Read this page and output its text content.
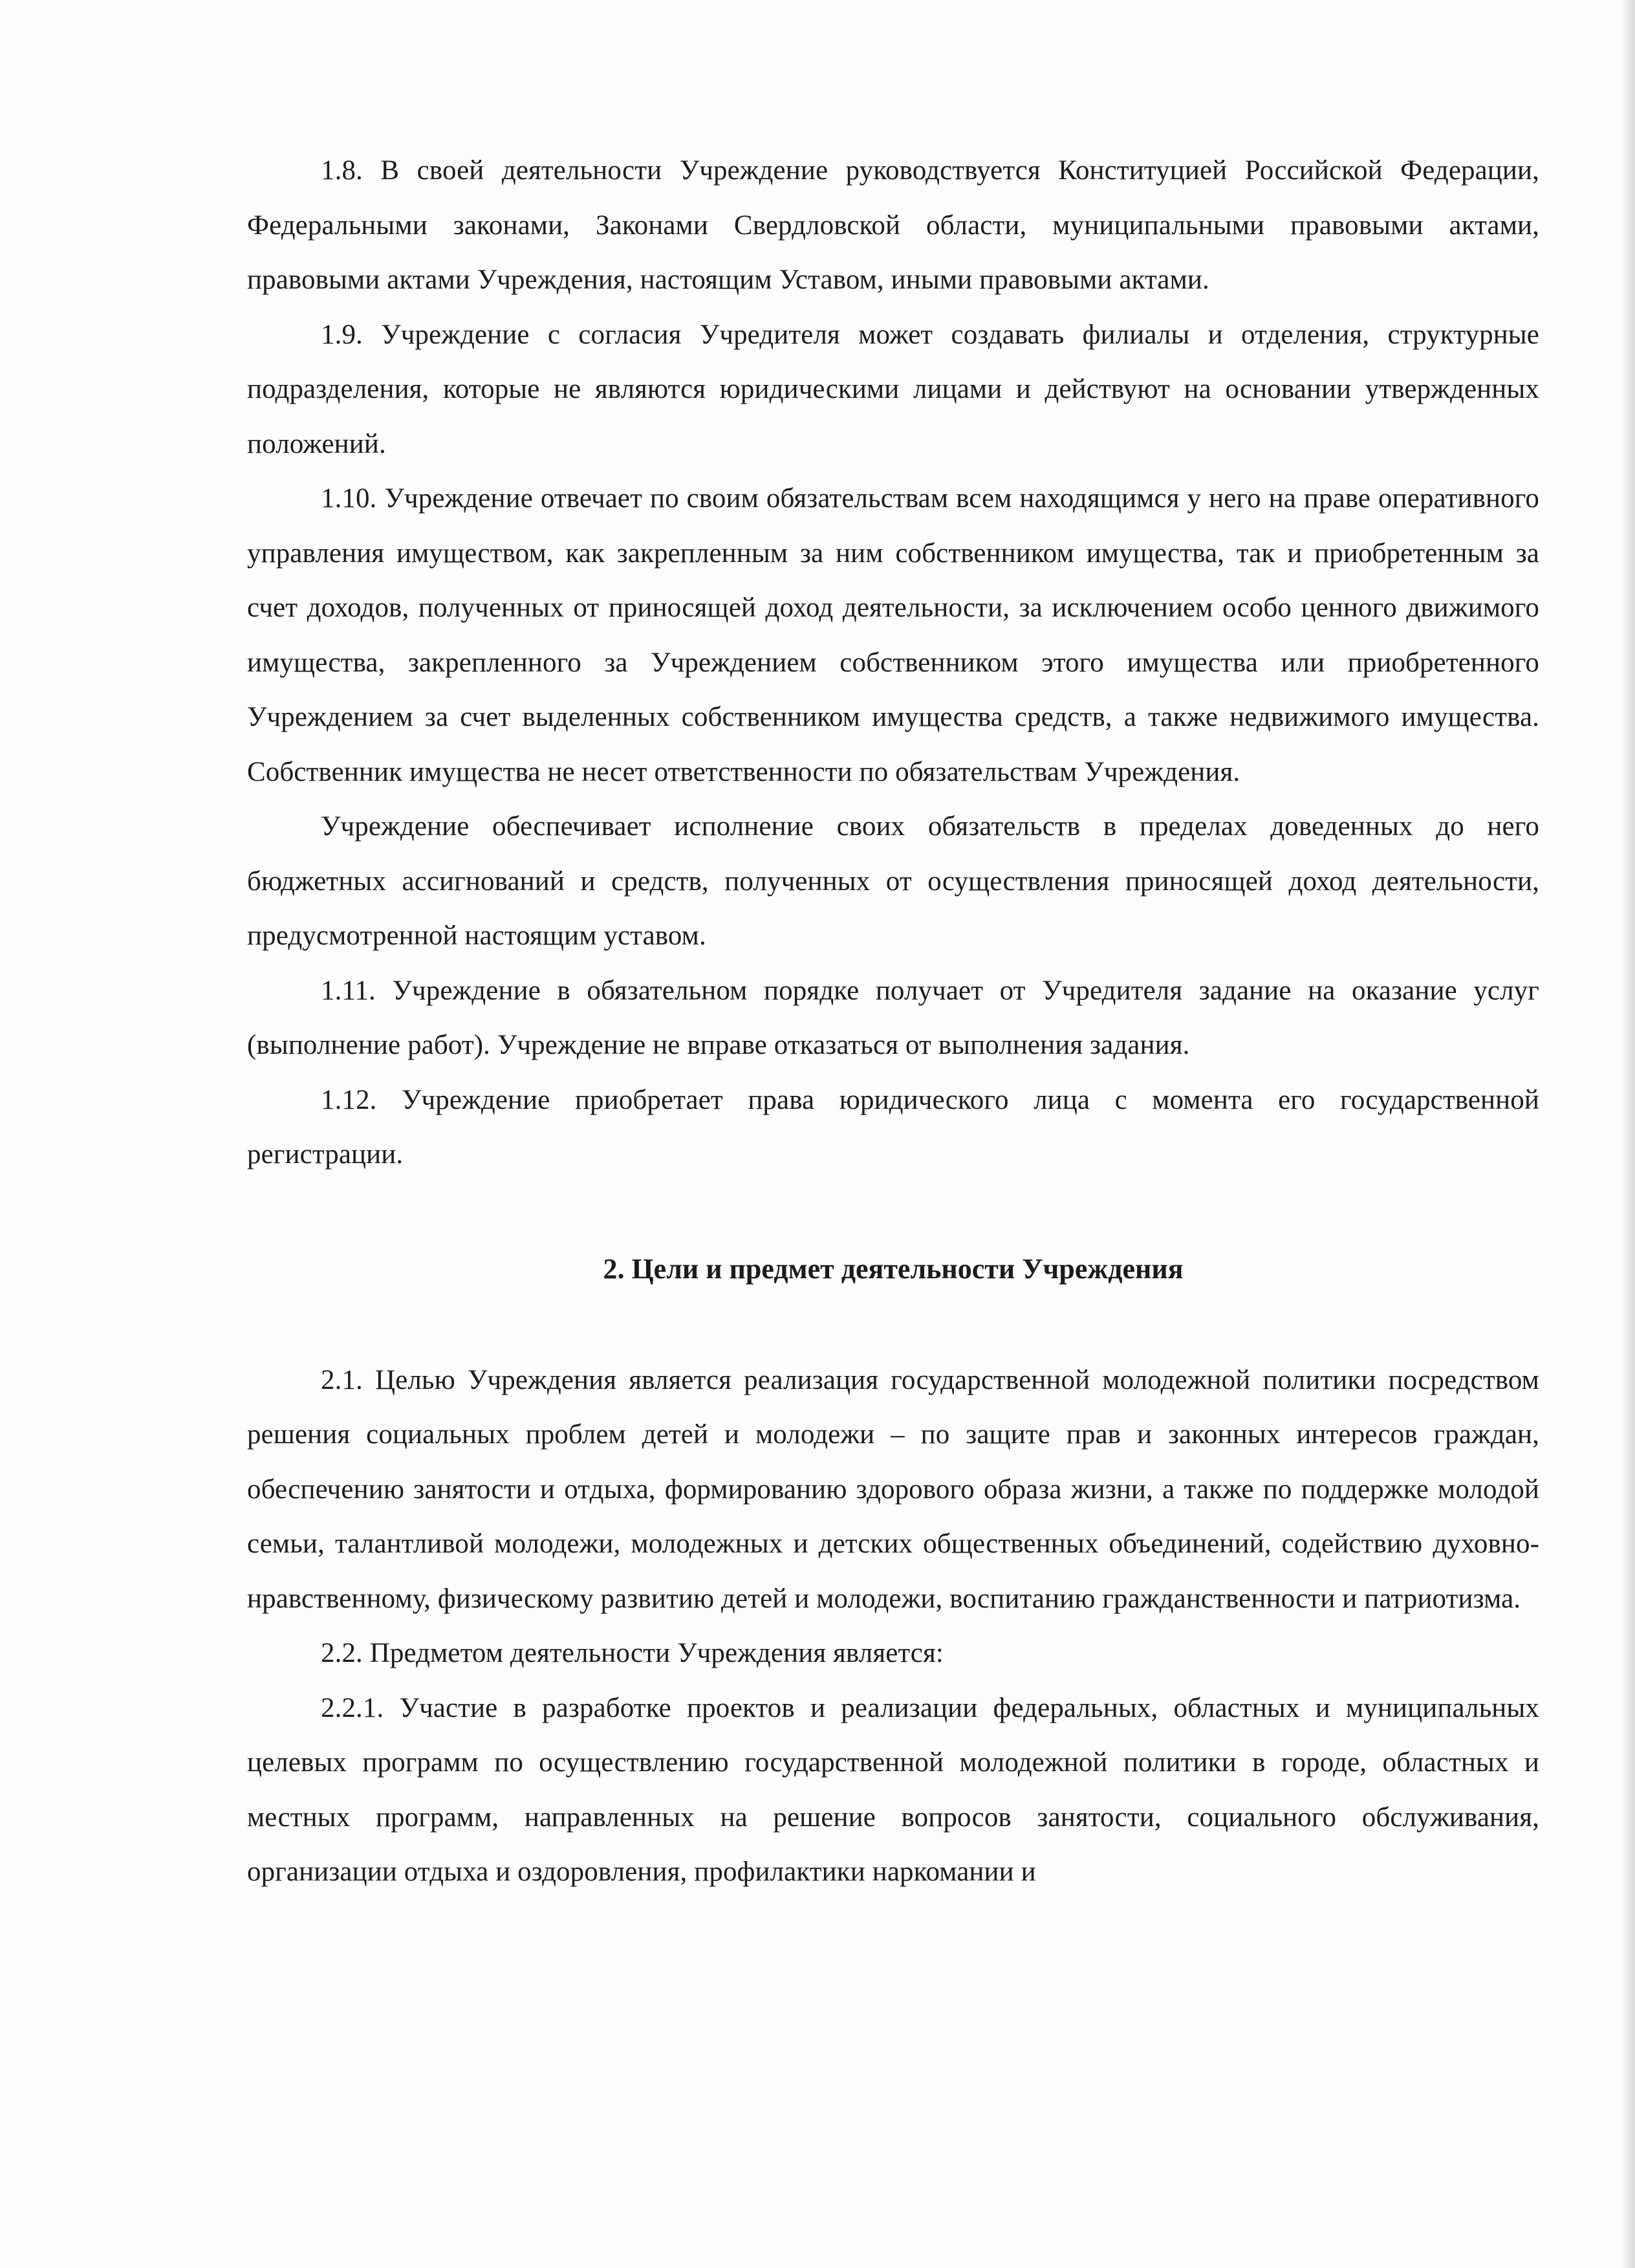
1.8. В своей деятельности Учреждение руководствуется Конституцией Российской Федерации, Федеральными законами, Законами Свердловской области, муниципальными правовыми актами, правовыми актами Учреждения, настоящим Уставом, иными правовыми актами.

1.9. Учреждение с согласия Учредителя может создавать филиалы и отделения, структурные подразделения, которые не являются юридическими лицами и действуют на основании утвержденных положений.

1.10. Учреждение отвечает по своим обязательствам всем находящимся у него на праве оперативного управления имуществом, как закрепленным за ним собственником имущества, так и приобретенным за счет доходов, полученных от приносящей доход деятельности, за исключением особо ценного движимого имущества, закрепленного за Учреждением собственником этого имущества или приобретенного Учреждением за счет выделенных собственником имущества средств, а также недвижимого имущества. Собственник имущества не несет ответственности по обязательствам Учреждения.

Учреждение обеспечивает исполнение своих обязательств в пределах доведенных до него бюджетных ассигнований и средств, полученных от осуществления приносящей доход деятельности, предусмотренной настоящим уставом.

1.11. Учреждение в обязательном порядке получает от Учредителя задание на оказание услуг (выполнение работ). Учреждение не вправе отказаться от выполнения задания.

1.12. Учреждение приобретает права юридического лица с момента его государственной регистрации.

2. Цели и предмет деятельности Учреждения

2.1. Целью Учреждения является реализация государственной молодежной политики посредством решения социальных проблем детей и молодежи – по защите прав и законных интересов граждан, обеспечению занятости и отдыха, формированию здорового образа жизни, а также по поддержке молодой семьи, талантливой молодежи, молодежных и детских общественных объединений, содействию духовно-нравственному, физическому развитию детей и молодежи, воспитанию гражданственности и патриотизма.

2.2. Предметом деятельности Учреждения является:

2.2.1. Участие в разработке проектов и реализации федеральных, областных и муниципальных целевых программ по осуществлению государственной молодежной политики в городе, областных и местных программ, направленных на решение вопросов занятости, социального обслуживания, организации отдыха и оздоровления, профилактики наркомании и
